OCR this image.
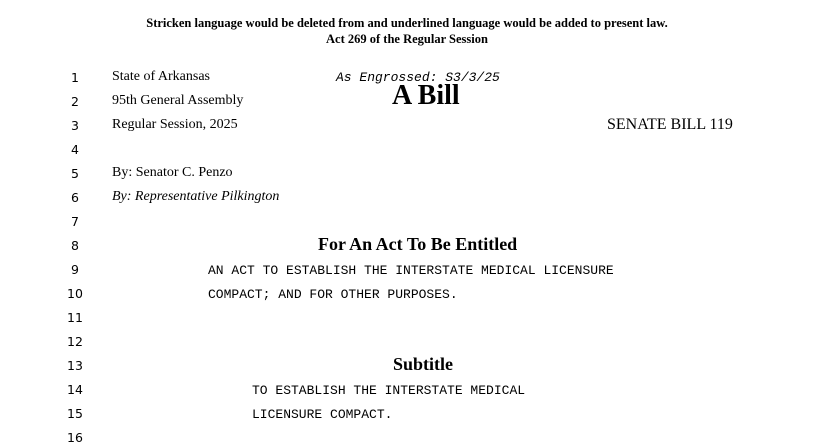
Stricken language would be deleted from and underlined language would be added to present law.
Act 269 of the Regular Session
1
2
3
4
5
6
7
8
9
10
11
12
13
14
15
16
State of Arkansas
95th General Assembly
Regular Session, 2025
As Engrossed: S3/3/25
A Bill
SENATE BILL 119
By: Senator C. Penzo
By: Representative Pilkington
For An Act To Be Entitled
AN ACT TO ESTABLISH THE INTERSTATE MEDICAL LICENSURE
COMPACT; AND FOR OTHER PURPOSES.
Subtitle
TO ESTABLISH THE INTERSTATE MEDICAL
LICENSURE COMPACT.
